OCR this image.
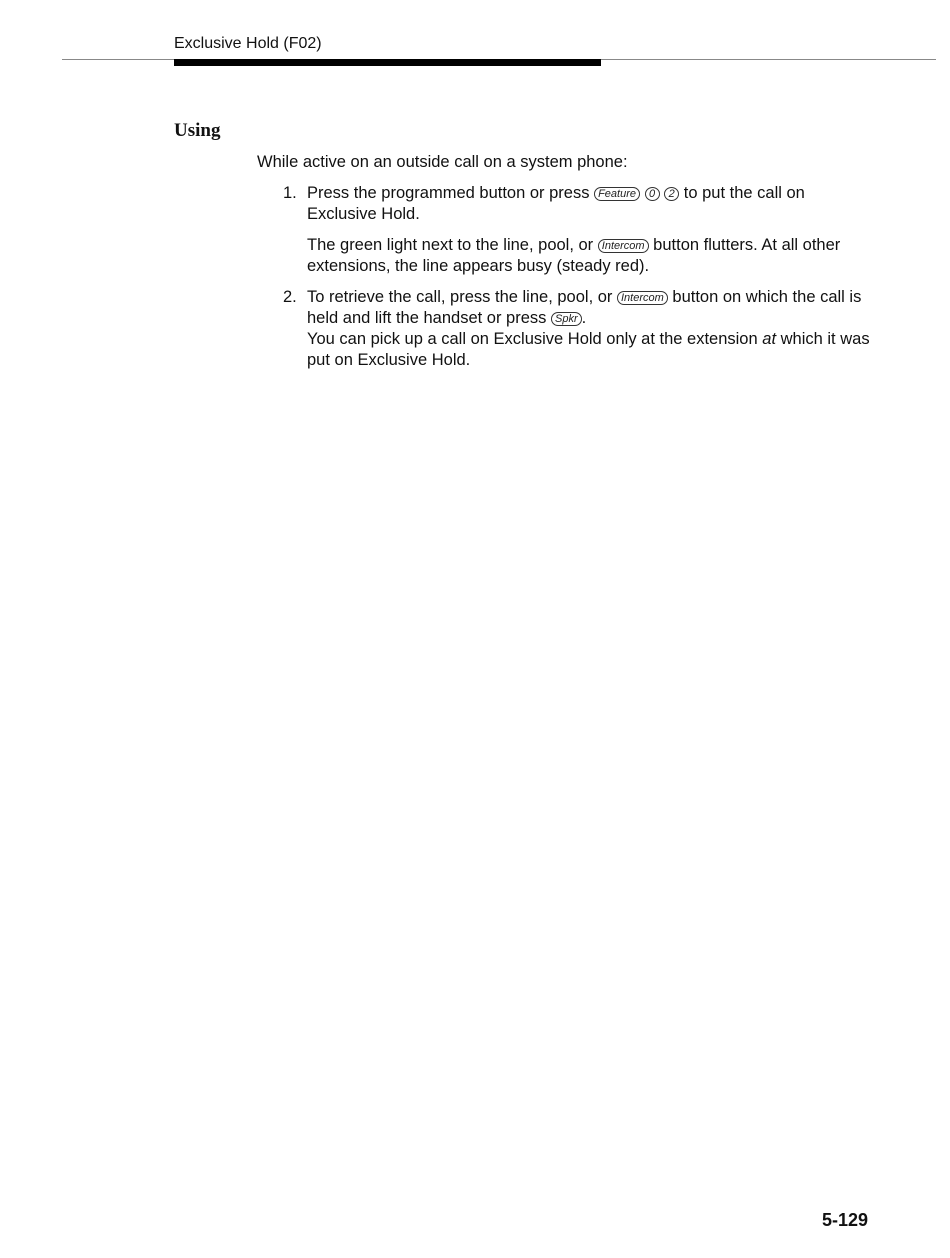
Exclusive Hold (F02)
Using

While active on an outside call on a system phone:

1. Press the programmed button or press Feature 0 2 to put the call on Exclusive Hold.

The green light next to the line, pool, or Intercom button flutters. At all other extensions, the line appears busy (steady red).

2. To retrieve the call, press the line, pool, or Intercom button on which the call is held and lift the handset or press Spkr .
You can pick up a call on Exclusive Hold only at the extension at which it was put on Exclusive Hold.

5-129
